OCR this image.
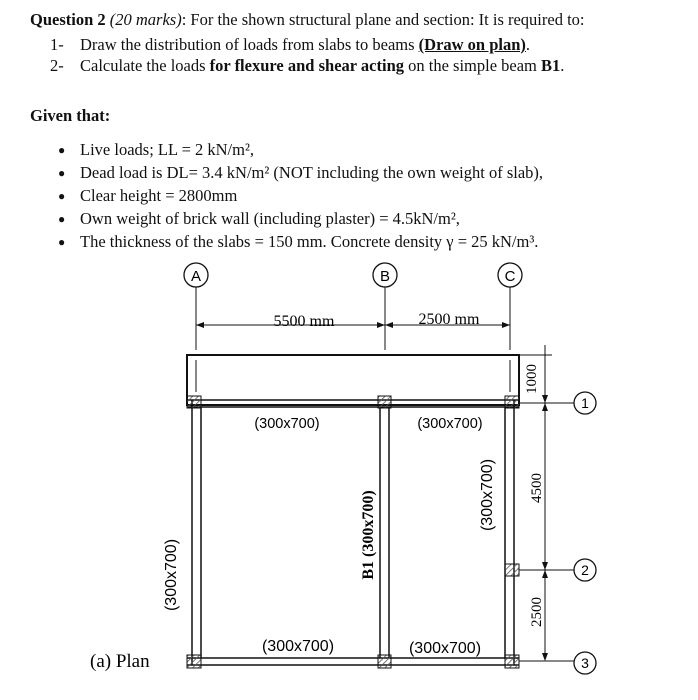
Question 2 (20 marks): For the shown structural plane and section: It is required to:
1- Draw the distribution of loads from slabs to beams (Draw on plan).
2- Calculate the loads for flexure and shear acting on the simple beam B1.
Given that:
Live loads; LL = 2 kN/m²,
Dead load is DL= 3.4 kN/m² (NOT including the own weight of slab),
Clear height = 2800mm
Own weight of brick wall (including plaster) = 4.5kN/m²,
The thickness of the slabs = 150 mm. Concrete density γ = 25 kN/m³.
A	B	C
5500 mm	2500 mm
(300x700)	(300x700)
(300x700)	(300x700)
(300x700)	B1 (300x700)	(300x700)
1000
4500
2500
1
2
3
(a) Plan
